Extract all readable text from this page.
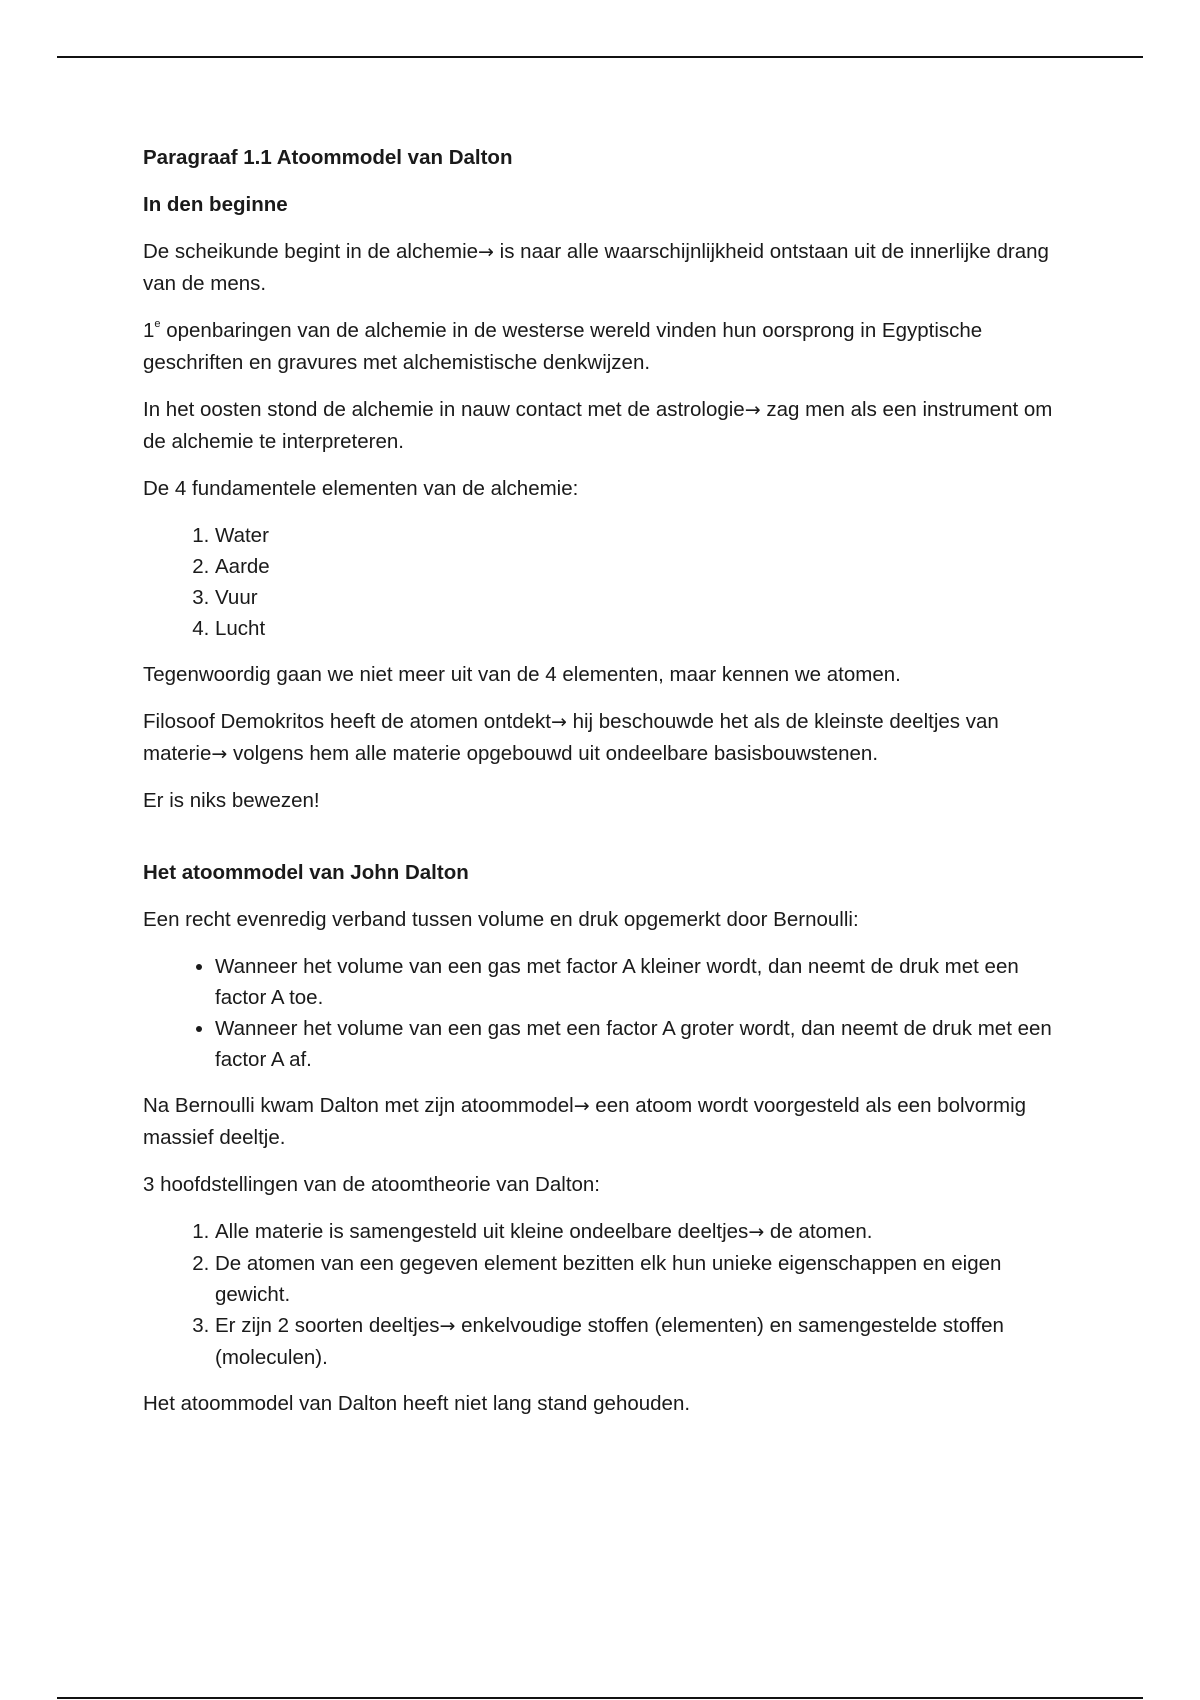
Paragraaf 1.1 Atoommodel van Dalton

In den beginne

De scheikunde begint in de alchemie→ is naar alle waarschijnlijkheid ontstaan uit de innerlijke drang van de mens.

1e openbaringen van de alchemie in de westerse wereld vinden hun oorsprong in Egyptische geschriften en gravures met alchemistische denkwijzen.

In het oosten stond de alchemie in nauw contact met de astrologie→ zag men als een instrument om de alchemie te interpreteren.

De 4 fundamentele elementen van de alchemie:

1. Water
2. Aarde
3. Vuur
4. Lucht

Tegenwoordig gaan we niet meer uit van de 4 elementen, maar kennen we atomen.

Filosoof Demokritos heeft de atomen ontdekt→ hij beschouwde het als de kleinste deeltjes van materie→ volgens hem alle materie opgebouwd uit ondeelbare basisbouwstenen.

Er is niks bewezen!

Het atoommodel van John Dalton

Een recht evenredig verband tussen volume en druk opgemerkt door Bernoulli:

• Wanneer het volume van een gas met factor A kleiner wordt, dan neemt de druk met een factor A toe.
• Wanneer het volume van een gas met een factor A groter wordt, dan neemt de druk met een factor A af.

Na Bernoulli kwam Dalton met zijn atoommodel→ een atoom wordt voorgesteld als een bolvormig massief deeltje.

3 hoofdstellingen van de atoomtheorie van Dalton:

1. Alle materie is samengesteld uit kleine ondeelbare deeltjes→ de atomen.
2. De atomen van een gegeven element bezitten elk hun unieke eigenschappen en eigen gewicht.
3. Er zijn 2 soorten deeltjes→ enkelvoudige stoffen (elementen) en samengestelde stoffen (moleculen).

Het atoommodel van Dalton heeft niet lang stand gehouden.
